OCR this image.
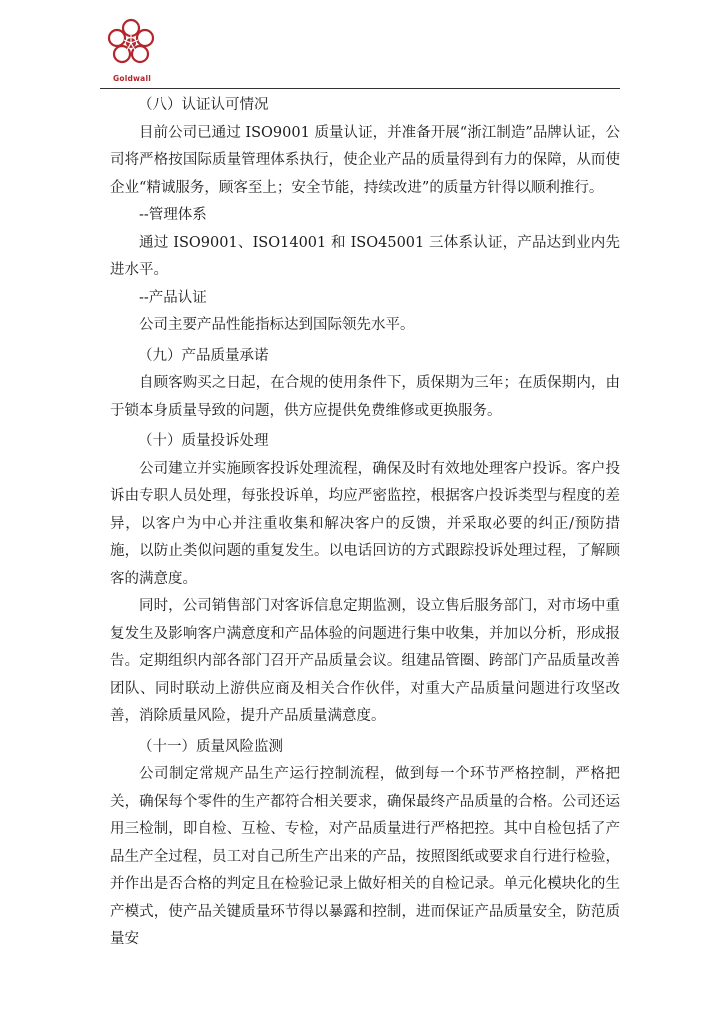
Goldwall

（八）认证认可情况

目前公司已通过 ISO9001 质量认证，并准备开展“浙江制造”品牌认证，公司将严格按国际质量管理体系执行，使企业产品的质量得到有力的保障，从而使企业“精诚服务，顾客至上；安全节能，持续改进”的质量方针得以顺利推行。

--管理体系

通过 ISO9001、ISO14001 和 ISO45001 三体系认证，产品达到业内先进水平。

--产品认证

公司主要产品性能指标达到国际领先水平。

（九）产品质量承诺

自顾客购买之日起，在合规的使用条件下，质保期为三年；在质保期内，由于锁本身质量导致的问题，供方应提供免费维修或更换服务。

（十）质量投诉处理

公司建立并实施顾客投诉处理流程，确保及时有效地处理客户投诉。客户投诉由专职人员处理，每张投诉单，均应严密监控，根据客户投诉类型与程度的差异，以客户为中心并注重收集和解决客户的反馈，并采取必要的纠正/预防措施，以防止类似问题的重复发生。以电话回访的方式跟踪投诉处理过程，了解顾客的满意度。

同时，公司销售部门对客诉信息定期监测，设立售后服务部门，对市场中重复发生及影响客户满意度和产品体验的问题进行集中收集，并加以分析，形成报告。定期组织内部各部门召开产品质量会议。组建品管圈、跨部门产品质量改善团队、同时联动上游供应商及相关合作伙伴，对重大产品质量问题进行攻坚改善，消除质量风险，提升产品质量满意度。

（十一）质量风险监测

公司制定常规产品生产运行控制流程，做到每一个环节严格控制，严格把关，确保每个零件的生产都符合相关要求，确保最终产品质量的合格。公司还运用三检制，即自检、互检、专检，对产品质量进行严格把控。其中自检包括了产品生产全过程，员工对自己所生产出来的产品，按照图纸或要求自行进行检验，并作出是否合格的判定且在检验记录上做好相关的自检记录。单元化模块化的生产模式，使产品关键质量环节得以暴露和控制，进而保证产品质量安全，防范质量安
